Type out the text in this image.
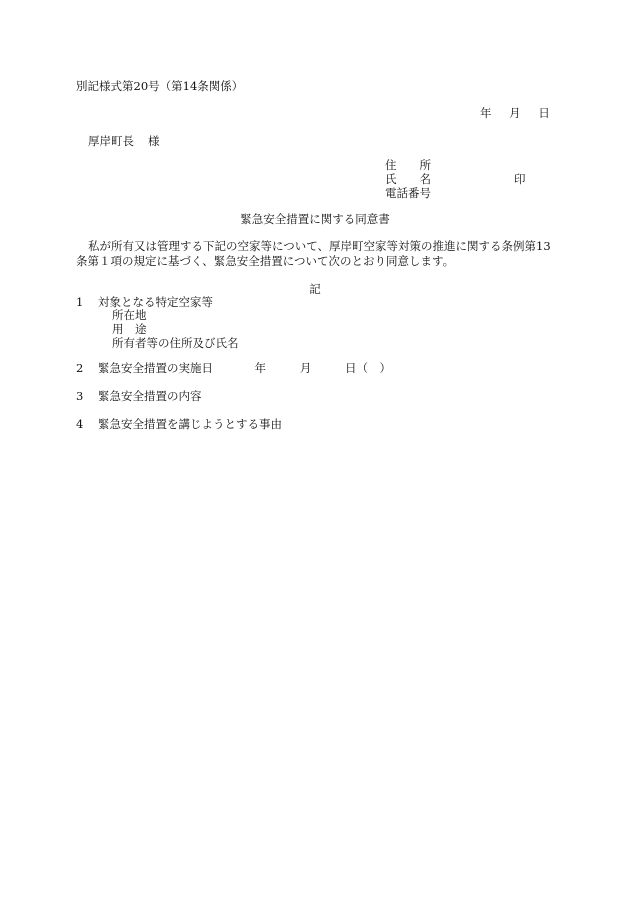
別記様式第20号（第14条関係）
年 月 日
厚岸町長 様
住　　所
氏　　名	印
電話番号
緊急安全措置に関する同意書

私が所有又は管理する下記の空家等について、厚岸町空家等対策の推進に関する条例第13条第１項の規定に基づく、緊急安全措置について次のとおり同意します。

記
1 対象となる特定空家等
所在地
用　途
所有者等の住所及び氏名
2 緊急安全措置の実施日	年	月	日（　）
3 緊急安全措置の内容
4 緊急安全措置を講じようとする事由
